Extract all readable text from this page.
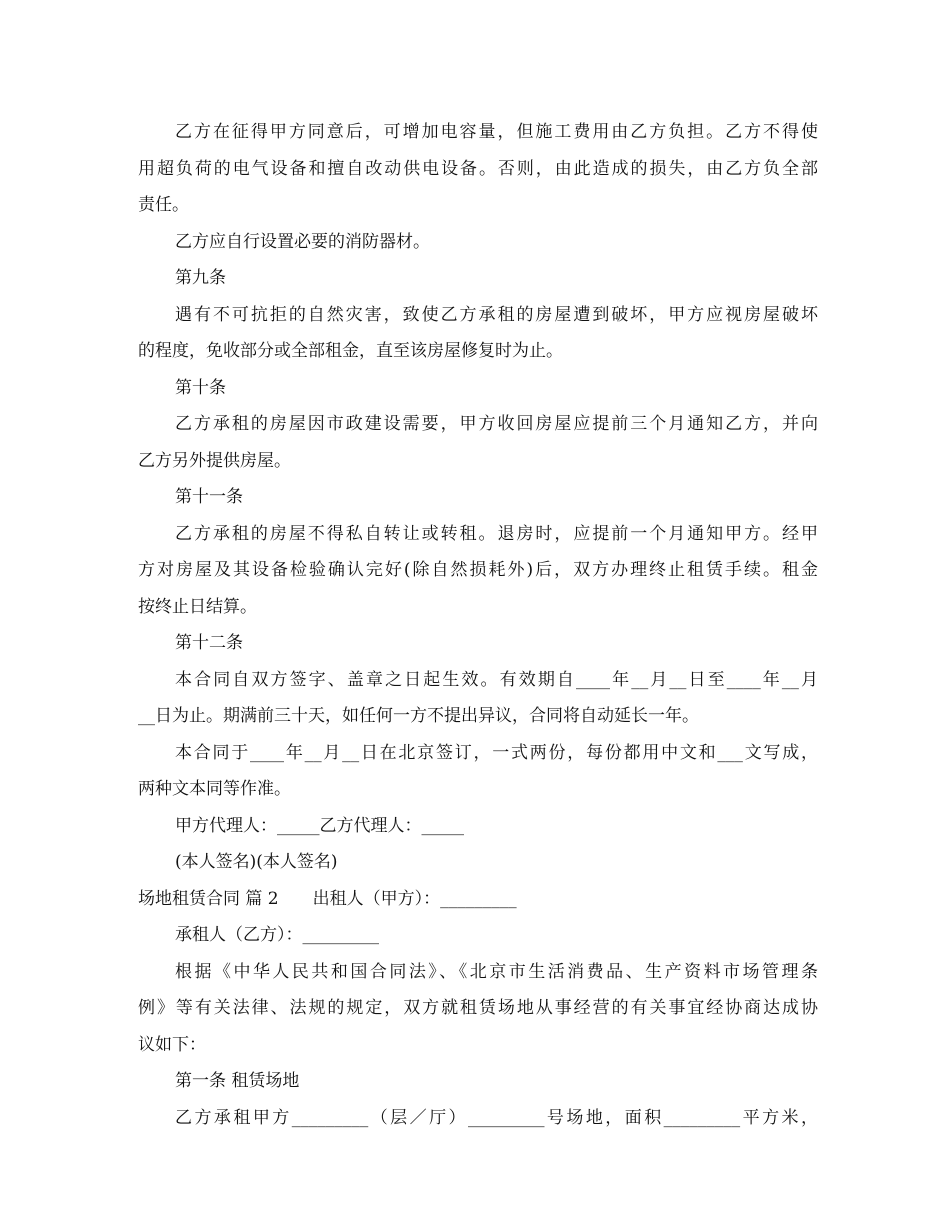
乙方在征得甲方同意后，可增加电容量，但施工费用由乙方负担。乙方不得使
用超负荷的电气设备和擅自改动供电设备。否则，由此造成的损失，由乙方负全部
责任。
乙方应自行设置必要的消防器材。
第九条
遇有不可抗拒的自然灾害，致使乙方承租的房屋遭到破坏，甲方应视房屋破坏
的程度，免收部分或全部租金，直至该房屋修复时为止。
第十条
乙方承租的房屋因市政建设需要，甲方收回房屋应提前三个月通知乙方，并向
乙方另外提供房屋。
第十一条
乙方承租的房屋不得私自转让或转租。退房时，应提前一个月通知甲方。经甲
方对房屋及其设备检验确认完好(除自然损耗外)后，双方办理终止租赁手续。租金
按终止日结算。
第十二条
本合同自双方签字、盖章之日起生效。有效期自____年__月__日至____年__月
__日为止。期满前三十天，如任何一方不提出异议，合同将自动延长一年。
本合同于____年__月__日在北京签订，一式两份，每份都用中文和___文写成，
两种文本同等作准。
甲方代理人：_____乙方代理人：_____
(本人签名)(本人签名)
场地租赁合同 篇 2 出租人（甲方）：_________
承租人（乙方）：_________
根据《中华人民共和国合同法》、《北京市生活消费品、生产资料市场管理条
例》等有关法律、法规的规定，双方就租赁场地从事经营的有关事宜经协商达成协
议如下：
第一条 租赁场地
乙方承租甲方_________（层／厅）_________号场地，面积_________平方米，
